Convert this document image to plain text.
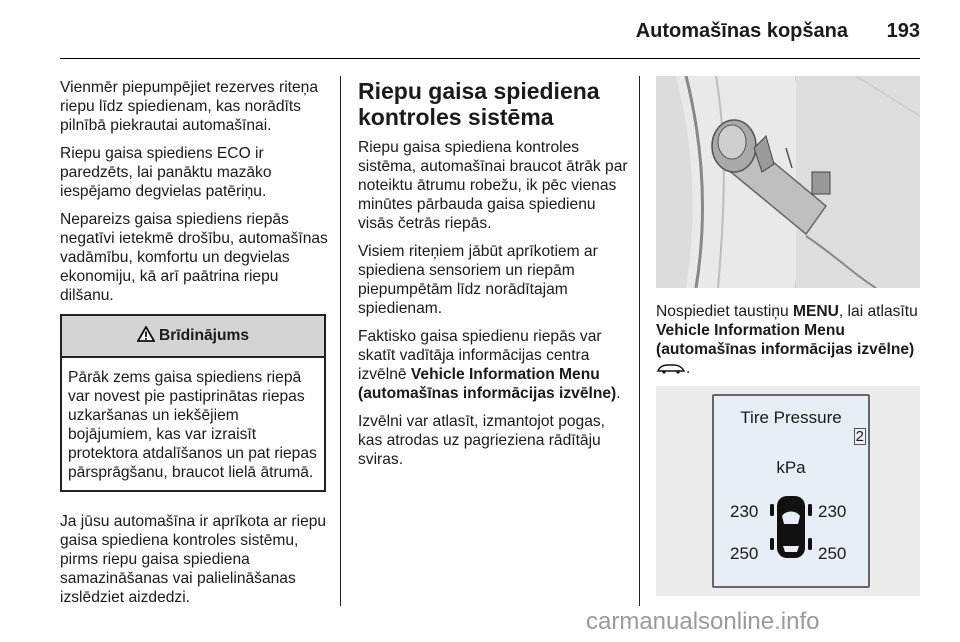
Automašīnas kopšana 193

Vienmēr piepumpējiet rezerves riteņa riepu līdz spiedienam, kas norādīts pilnībā piekrautai automašīnai.

Riepu gaisa spiediens ECO ir paredzēts, lai panāktu mazāko iespējamo degvielas patēriņu.

Nepareizs gaisa spiediens riepās negatīvi ietekmē drošību, automašīnas vadāmību, komfortu un degvielas ekonomiju, kā arī paātrina riepu dilšanu.

Brīdinājums
Pārāk zems gaisa spiediens riepā var novest pie pastiprinātas riepas uzkaršanas un iekšējiem bojājumiem, kas var izraisīt protektora atdalīšanos un pat riepas pārsprāgšanu, braucot lielā ātrumā.

Ja jūsu automašīna ir aprīkota ar riepu gaisa spiediena kontroles sistēmu, pirms riepu gaisa spiediena samazināšanas vai palielināšanas izslēdziet aizdedzi.

Riepu gaisa spiediena kontroles sistēma

Riepu gaisa spiediena kontroles sistēma, automašīnai braucot ātrāk par noteiktu ātrumu robežu, ik pēc vienas minūtes pārbauda gaisa spiedienu visās četrās riepās.

Visiem riteņiem jābūt aprīkotiem ar spiediena sensoriem un riepām piepumpētām līdz norādītajam spiedienam.

Faktisko gaisa spiedienu riepās var skatīt vadītāja informācijas centra izvēlnē Vehicle Information Menu (automašīnas informācijas izvēlne).

Izvēlni var atlasīt, izmantojot pogas, kas atrodas uz pagrieziena rādītāju sviras.

Nospiediet taustiņu MENU, lai atlasītu Vehicle Information Menu (automašīnas informācijas izvēlne)
.

Tire Pressure
2
kPa
230	230
250	250
carmanualsonline.info
